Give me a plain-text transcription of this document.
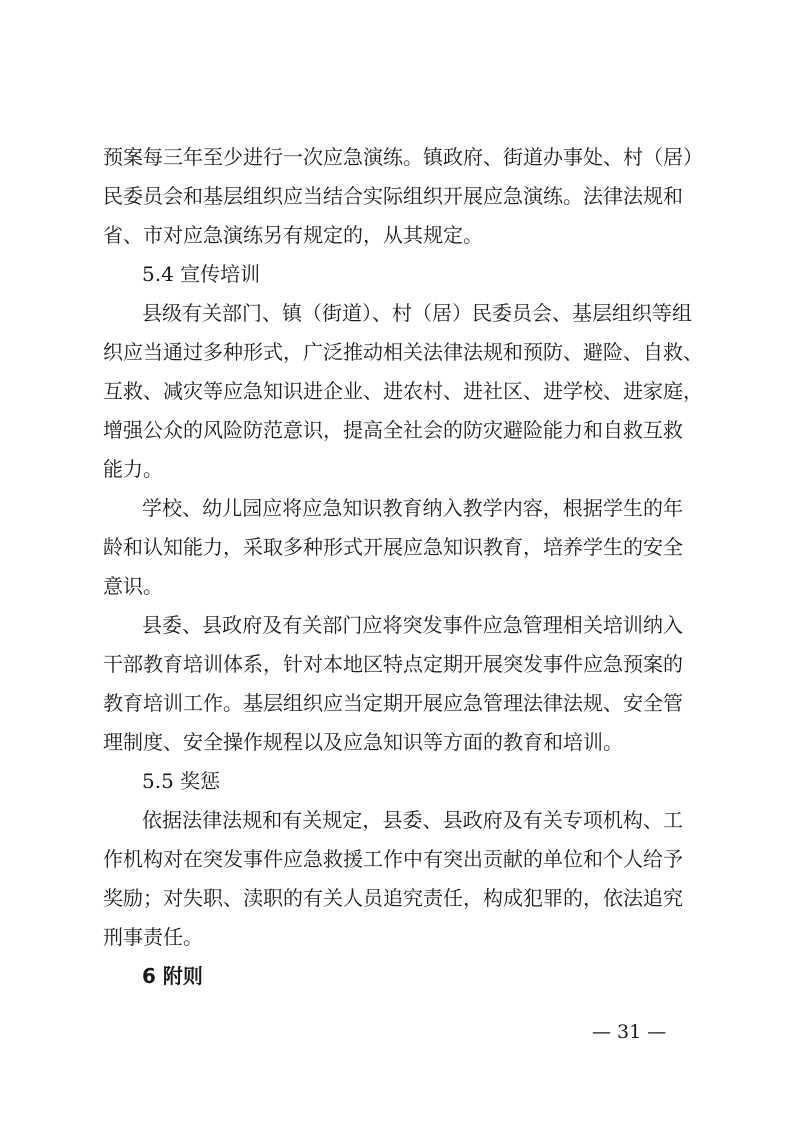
预案每三年至少进行一次应急演练。镇政府、街道办事处、村（居）
民委员会和基层组织应当结合实际组织开展应急演练。法律法规和
省、市对应急演练另有规定的，从其规定。
5.4 宣传培训
县级有关部门、镇（街道）、村（居）民委员会、基层组织等组
织应当通过多种形式，广泛推动相关法律法规和预防、避险、自救、
互救、减灾等应急知识进企业、进农村、进社区、进学校、进家庭，
增强公众的风险防范意识，提高全社会的防灾避险能力和自救互救
能力。
学校、幼儿园应将应急知识教育纳入教学内容，根据学生的年
龄和认知能力，采取多种形式开展应急知识教育，培养学生的安全
意识。
县委、县政府及有关部门应将突发事件应急管理相关培训纳入
干部教育培训体系，针对本地区特点定期开展突发事件应急预案的
教育培训工作。基层组织应当定期开展应急管理法律法规、安全管
理制度、安全操作规程以及应急知识等方面的教育和培训。
5.5 奖惩
依据法律法规和有关规定，县委、县政府及有关专项机构、工
作机构对在突发事件应急救援工作中有突出贡献的单位和个人给予
奖励；对失职、渎职的有关人员追究责任，构成犯罪的，依法追究
刑事责任。
6 附则
— 31 —
